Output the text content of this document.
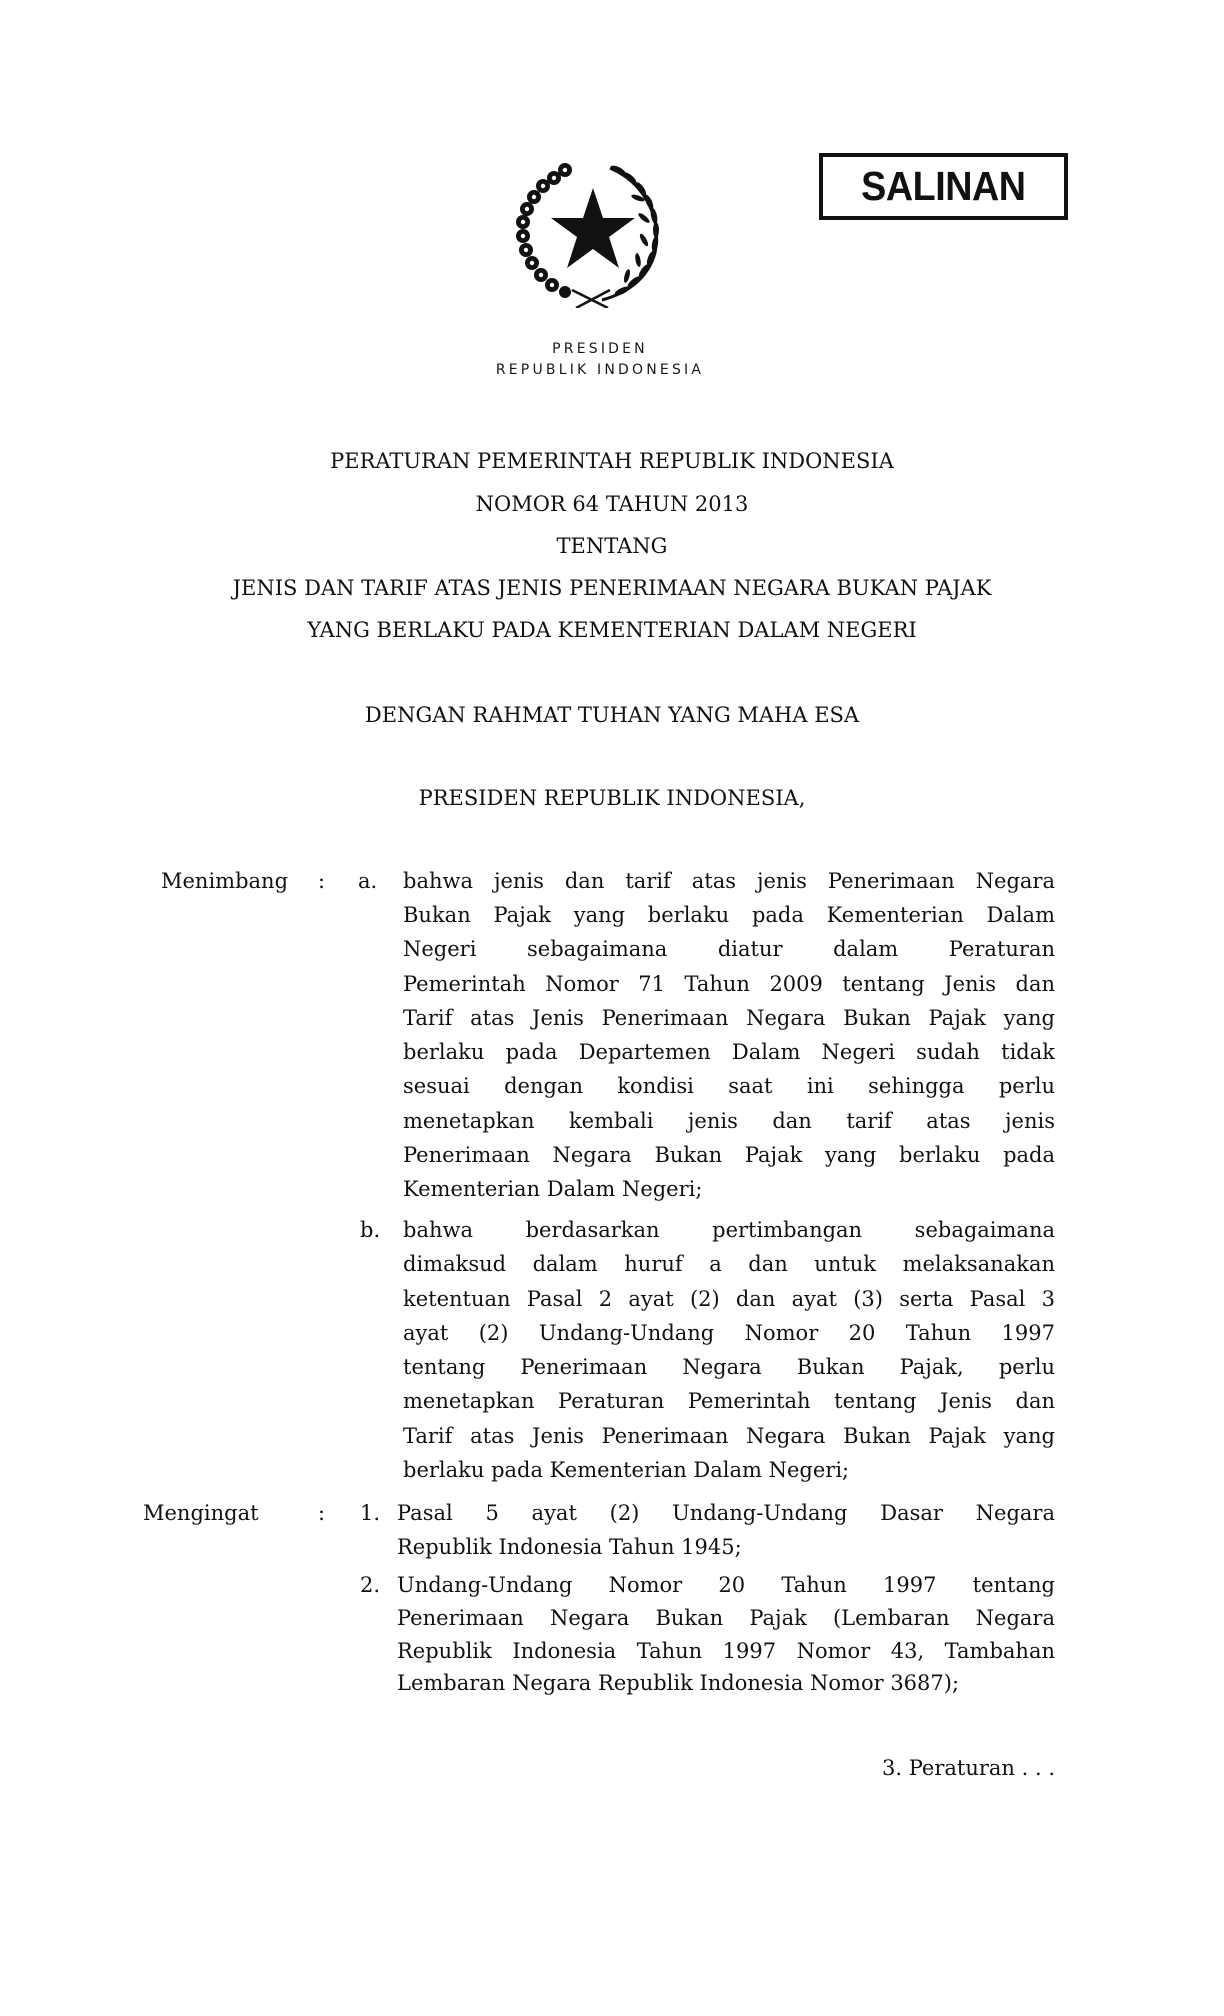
PRESIDEN
REPUBLIK INDONESIA
SALINAN
PERATURAN PEMERINTAH REPUBLIK INDONESIA
NOMOR 64 TAHUN 2013
TENTANG
JENIS DAN TARIF ATAS JENIS PENERIMAAN NEGARA BUKAN PAJAK
YANG BERLAKU PADA KEMENTERIAN DALAM NEGERI
DENGAN RAHMAT TUHAN YANG MAHA ESA
PRESIDEN REPUBLIK INDONESIA,
Menimbang : a. bahwa jenis dan tarif atas jenis Penerimaan Negara
Bukan Pajak yang berlaku pada Kementerian Dalam
Negeri sebagaimana diatur dalam Peraturan
Pemerintah Nomor 71 Tahun 2009 tentang Jenis dan
Tarif atas Jenis Penerimaan Negara Bukan Pajak yang
berlaku pada Departemen Dalam Negeri sudah tidak
sesuai dengan kondisi saat ini sehingga perlu
menetapkan kembali jenis dan tarif atas jenis
Penerimaan Negara Bukan Pajak yang berlaku pada
Kementerian Dalam Negeri;
b. bahwa berdasarkan pertimbangan sebagaimana
dimaksud dalam huruf a dan untuk melaksanakan
ketentuan Pasal 2 ayat (2) dan ayat (3) serta Pasal 3
ayat (2) Undang-Undang Nomor 20 Tahun 1997
tentang Penerimaan Negara Bukan Pajak, perlu
menetapkan Peraturan Pemerintah tentang Jenis dan
Tarif atas Jenis Penerimaan Negara Bukan Pajak yang
berlaku pada Kementerian Dalam Negeri;
Mengingat	: 1. Pasal 5 ayat (2) Undang-Undang Dasar Negara
Republik Indonesia Tahun 1945;
2. Undang-Undang Nomor 20 Tahun 1997 tentang
Penerimaan Negara Bukan Pajak (Lembaran Negara
Republik Indonesia Tahun 1997 Nomor 43, Tambahan
Lembaran Negara Republik Indonesia Nomor 3687);
3. Peraturan . . .
